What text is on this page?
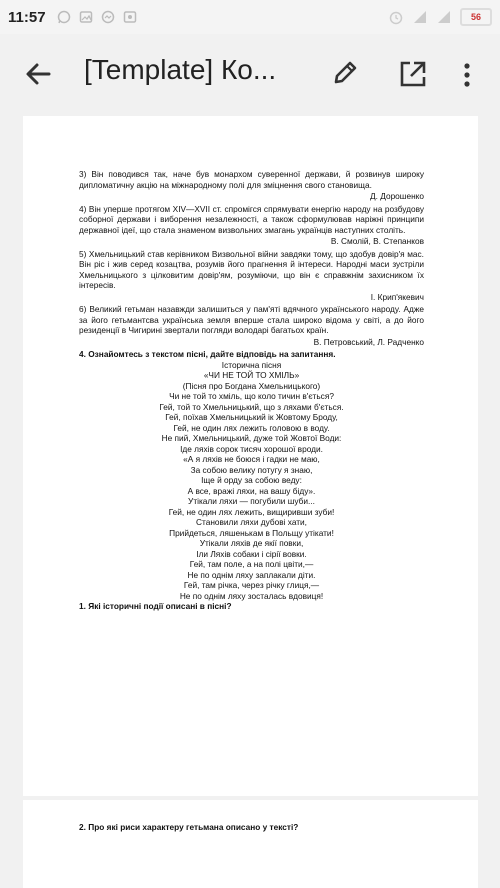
11:57	56
[Template] Ко...

3) Він поводився так, наче був монархом суверенної держави, й розвинув широку дипломатичну акцію на міжнародному полі для зміцнення свого становища.

Д. Дорошенко

4) Він уперше протягом XIV—XVII ст. спромігся спрямувати енергію народу на розбудову соборної держави і виборення незалежності, а також сформулював наріжні принципи державної ідеї, що стала знаменом визвольних змагань українців наступних століть.

В. Смолій, В. Степанков

5) Хмельницький став керівником Визвольної війни завдяки тому, що здобув довір'я мас. Він ріс і жив серед козацтва, розумів його прагнення й інтереси. Народні маси зустріли Хмельницького з цілковитим довір'ям, розуміючи, що він є справжнім захисником їх інтересів.

І. Крип'якевич

6) Великий гетьман назавжди залишиться у пам'яті вдячного українського народу. Адже за його гетьмантсва українська земля вперше стала широко відома у світі, а до його резиденції в Чигирині звертали погляди володарі багатьох країн.

В. Петровський, Л. Радченко

4. Ознайомтесь з текстом пісні, дайте відповідь на запитання.

Історична пісня

«ЧИ НЕ ТОЙ ТО ХМІЛЬ»

(Пісня про Богдана Хмельницького)

Чи не той то хміль, що коло тичин в'ється?

Гей, той то Хмельницький, що з ляхами б'ється.

Гей, поїхав Хмельницький ік Жовтому Броду,

Гей, не один лях лежить головою в воду.

Не пий, Хмельницький, дуже той Жовтої Води:

Іде ляхів сорок тисяч хорошої вроди.

«А я ляхів не боюся і гадки не маю,

За собою велику потугу я знаю,

Іще й орду за собою веду:

А все, вражі ляхи, на вашу біду».

Утікали ляхи — погубили шуби...

Гей, не один лях лежить, вищиривши зуби!

Становили ляхи дубові хати,

Прийдеться, ляшенькам в Польщу утікати!

Утікали ляхів де якії повки,

Іли Ляхів собаки і сірії вовки.

Гей, там поле, а на полі цвіти,—

Не по однім ляху заплакали діти.

Гей, там річка, через річку глиця,—

Не по однім ляху зосталась вдовиця!

1. Які історичні події описані в пісні?

2. Про які риси характеру гетьмана описано у тексті?
